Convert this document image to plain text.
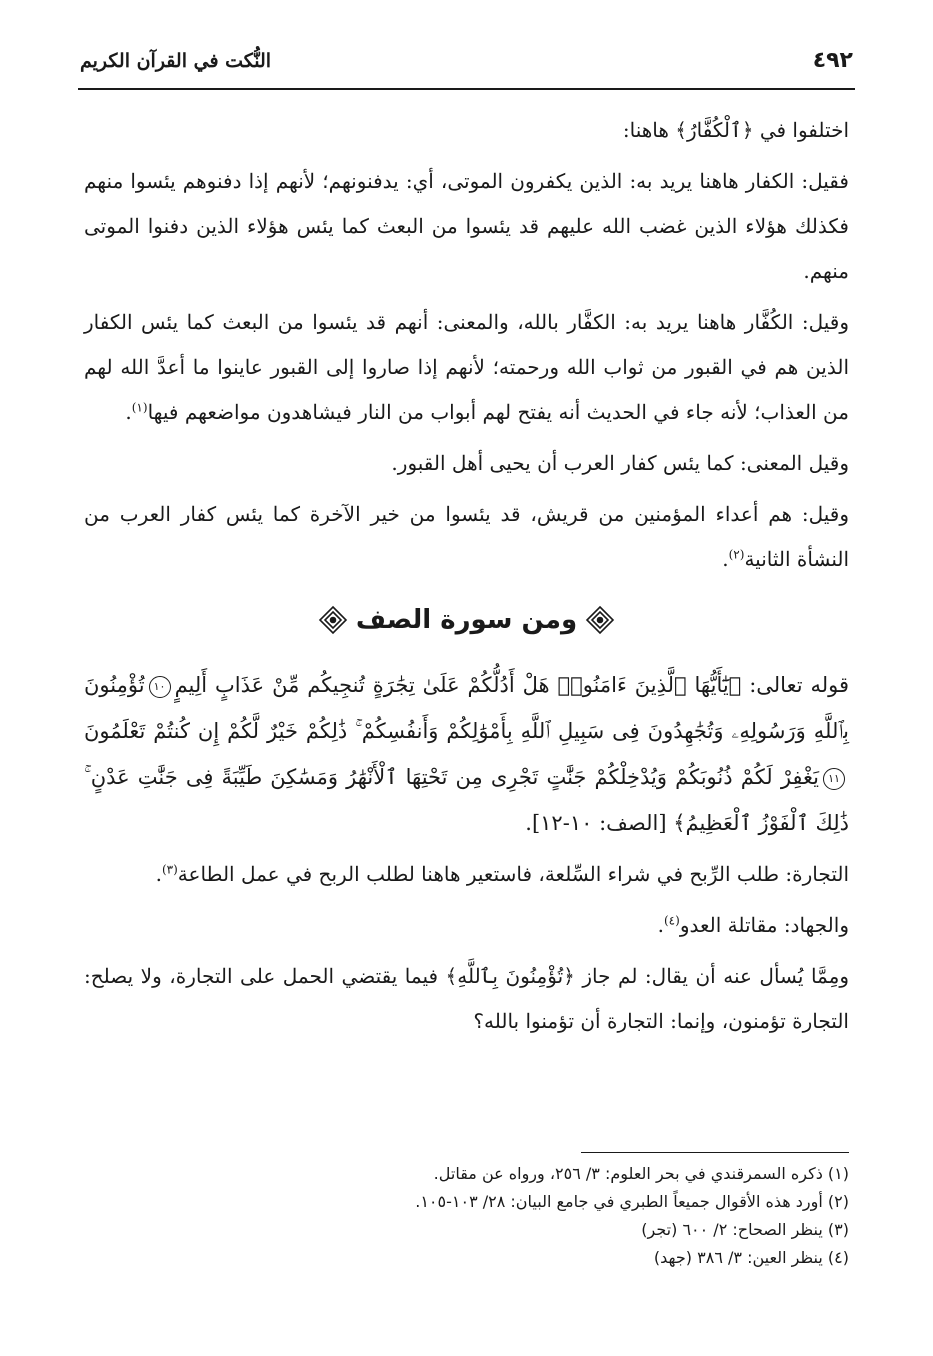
٤٩٢
النُّكت في القرآن الكريم

اختلفوا في ﴿ٱلْكُفَّارُ﴾ هاهنا:

فقيل: الكفار هاهنا يريد به: الذين يكفرون الموتى، أي: يدفنونهم؛ لأنهم إذا دفنوهم يئسوا منهم فكذلك هؤلاء الذين غضب الله عليهم قد يئسوا من البعث كما يئس هؤلاء الذين دفنوا الموتى منهم.

وقيل: الكُفَّار هاهنا يريد به: الكفَّار بالله، والمعنى: أنهم قد يئسوا من البعث كما يئس الكفار الذين هم في القبور من ثواب الله ورحمته؛ لأنهم إذا صاروا إلى القبور عاينوا ما أعدَّ الله لهم من العذاب؛ لأنه جاء في الحديث أنه يفتح لهم أبواب من النار فيشاهدون مواضعهم فيها$^{(١)}$.

وقيل المعنى: كما يئس كفار العرب أن يحيى أهل القبور.

وقيل: هم أعداء المؤمنين من قريش، قد يئسوا من خير الآخرة كما يئس كفار العرب من النشأة الثانية$^{(٢)}$.

ومن سورة الصف

قوله تعالى: ﴿يَٰٓأَيُّهَا ٱلَّذِينَ ءَامَنُوا۟ هَلْ أَدُلُّكُمْ عَلَىٰ تِجَٰرَةٍ تُنجِيكُم مِّنْ عَذَابٍ أَلِيمٍ١٠تُؤْمِنُونَ بِٱللَّهِ وَرَسُولِهِۦ وَتُجَٰهِدُونَ فِى سَبِيلِ ٱللَّهِ بِأَمْوَٰلِكُمْ وَأَنفُسِكُمْ ۚ ذَٰلِكُمْ خَيْرٌ لَّكُمْ إِن كُنتُمْ تَعْلَمُونَ١١يَغْفِرْ لَكُمْ ذُنُوبَكُمْ وَيُدْخِلْكُمْ جَنَّٰتٍ تَجْرِى مِن تَحْتِهَا ٱلْأَنْهَٰرُ وَمَسَٰكِنَ طَيِّبَةً فِى جَنَّٰتِ عَدْنٍ ۚ ذَٰلِكَ ٱلْفَوْزُ ٱلْعَظِيمُ﴾ [الصف: ١٠-١٢].

التجارة: طلب الرِّبح في شراء السِّلعة، فاستعير هاهنا لطلب الربح في عمل الطاعة$^{(٣)}$.

والجهاد: مقاتلة العدو$^{(٤)}$.

ومِمَّا يُسأل عنه أن يقال: لم جاز ﴿تُؤْمِنُونَ بِٱللَّهِ﴾ فيما يقتضي الحمل على التجارة، ولا يصلح: التجارة تؤمنون، وإنما: التجارة أن تؤمنوا بالله؟

(١) ذكره السمرقندي في بحر العلوم: ٣/ ٢٥٦، ورواه عن مقاتل.
(٢) أورد هذه الأقوال جميعاً الطبري في جامع البيان: ٢٨/ ١٠٣-١٠٥.
(٣) ينظر الصحاح: ٢/ ٦٠٠ (تجر)
(٤) ينظر العين: ٣/ ٣٨٦ (جهد)
